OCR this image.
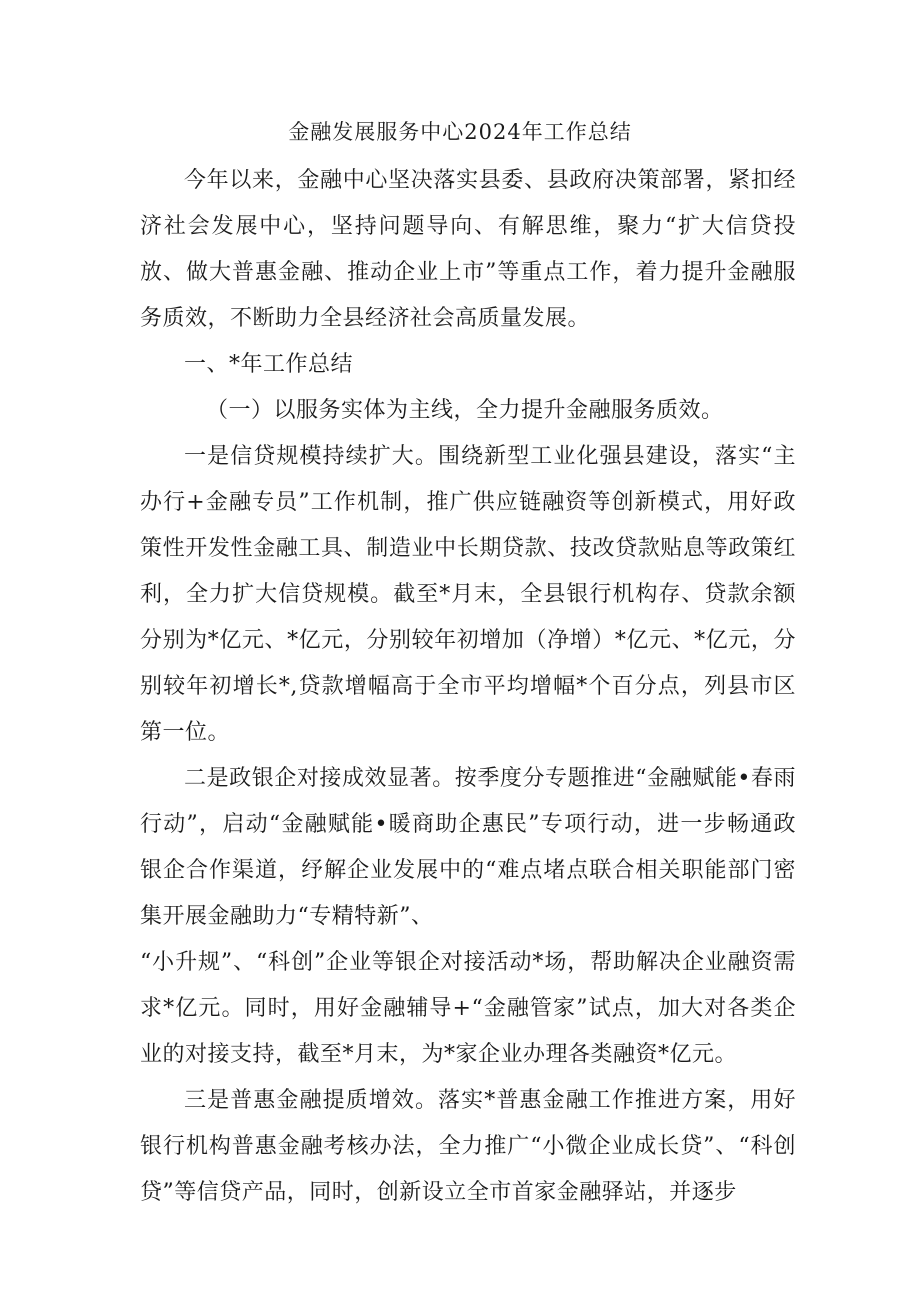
金融发展服务中心2024年工作总结

今年以来，金融中心坚决落实县委、县政府决策部署，紧扣经济社会发展中心，坚持问题导向、有解思维，聚力“扩大信贷投放、做大普惠金融、推动企业上市”等重点工作，着力提升金融服务质效，不断助力全县经济社会高质量发展。

一、*年工作总结

（一）以服务实体为主线，全力提升金融服务质效。

一是信贷规模持续扩大。围绕新型工业化强县建设，落实“主办行+金融专员”工作机制，推广供应链融资等创新模式，用好政策性开发性金融工具、制造业中长期贷款、技改贷款贴息等政策红利，全力扩大信贷规模。截至*月末，全县银行机构存、贷款余额分别为*亿元、*亿元，分别较年初增加（净增）*亿元、*亿元，分别较年初增长*,贷款增幅高于全市平均增幅*个百分点，列县市区第一位。

二是政银企对接成效显著。按季度分专题推进“金融赋能•春雨行动”，启动“金融赋能•暖商助企惠民”专项行动，进一步畅通政银企合作渠道，纾解企业发展中的“难点堵点联合相关职能部门密集开展金融助力“专精特新”、

“小升规”、“科创”企业等银企对接活动*场，帮助解决企业融资需求*亿元。同时，用好金融辅导+“金融管家”试点，加大对各类企业的对接支持，截至*月末，为*家企业办理各类融资*亿元。

三是普惠金融提质增效。落实*普惠金融工作推进方案，用好银行机构普惠金融考核办法，全力推广“小微企业成长贷”、“科创贷”等信贷产品，同时，创新设立全市首家金融驿站，并逐步
